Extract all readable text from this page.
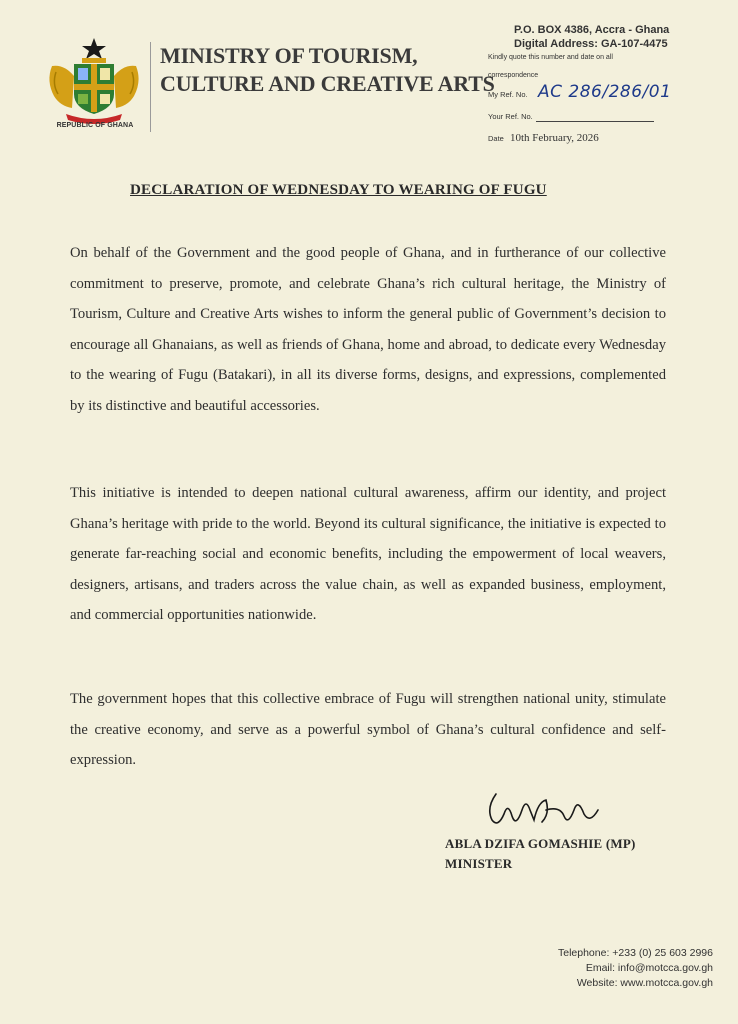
REPUBLIC OF GHANA
MINISTRY OF TOURISM,
CULTURE AND CREATIVE ARTS
P.O. BOX 4386, Accra - Ghana
Digital Address: GA-107-4475
Kindly quote this number and date on all
correspondence
My Ref. No. AC 286/286/01
Your Ref. No.
Date 10th February, 2026
DECLARATION OF WEDNESDAY TO WEARING OF FUGU
On behalf of the Government and the good people of Ghana, and in furtherance of our collective commitment to preserve, promote, and celebrate Ghana’s rich cultural heritage, the Ministry of Tourism, Culture and Creative Arts wishes to inform the general public of Government’s decision to encourage all Ghanaians, as well as friends of Ghana, home and abroad, to dedicate every Wednesday to the wearing of Fugu (Batakari), in all its diverse forms, designs, and expressions, complemented by its distinctive and beautiful accessories.
This initiative is intended to deepen national cultural awareness, affirm our identity, and project Ghana’s heritage with pride to the world. Beyond its cultural significance, the initiative is expected to generate far-reaching social and economic benefits, including the empowerment of local weavers, designers, artisans, and traders across the value chain, as well as expanded business, employment, and commercial opportunities nationwide.
The government hopes that this collective embrace of Fugu will strengthen national unity, stimulate the creative economy, and serve as a powerful symbol of Ghana’s cultural confidence and self-expression.
ABLA DZIFA GOMASHIE (MP)
MINISTER
Telephone: +233 (0) 25 603 2996
Email: info@motcca.gov.gh
Website: www.motcca.gov.gh
